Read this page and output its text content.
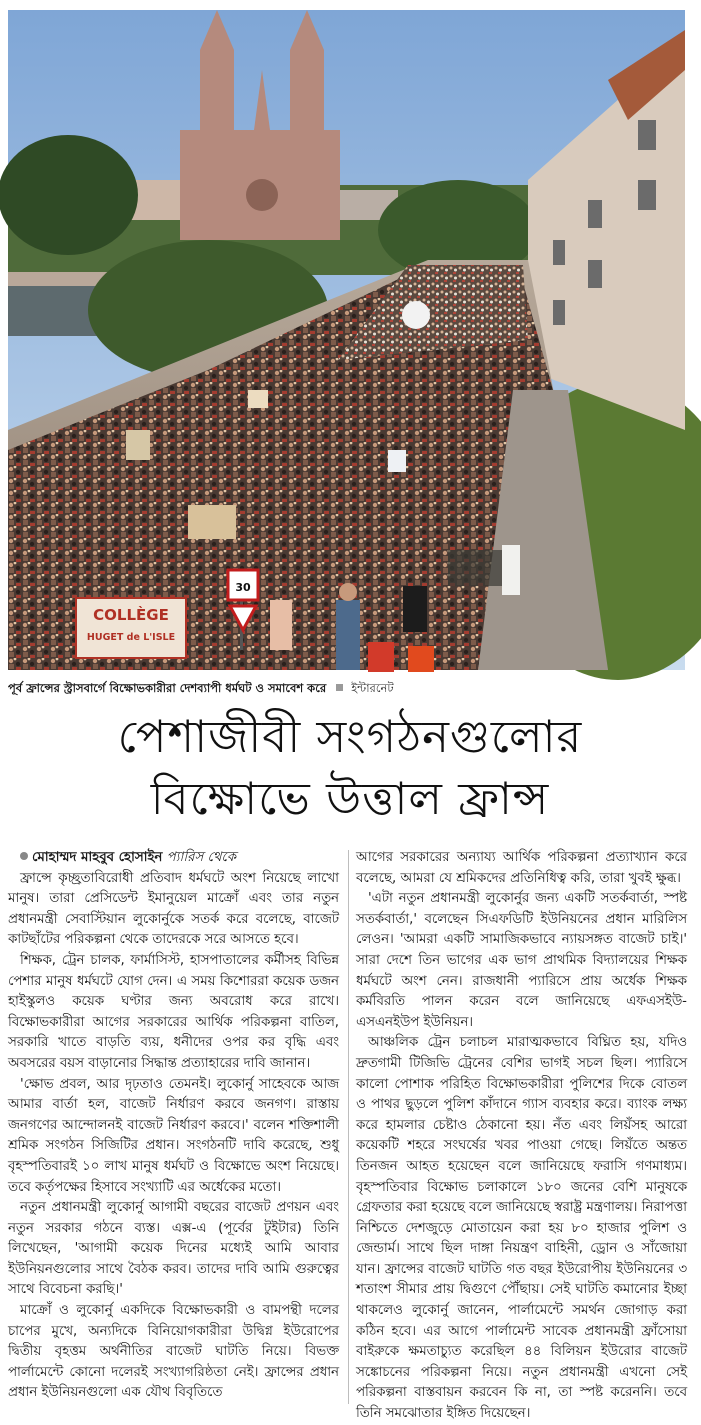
30
COLLÈGE
HUGET de L'ISLE
পূর্ব ফ্রান্সের স্ট্রাসবার্গে বিক্ষোভকারীরা দেশব্যাপী ধর্মঘট ও সমাবেশ করে ইন্টারনেট
পেশাজীবী সংগঠনগুলোর
বিক্ষোভে উত্তাল ফ্রান্স

মোহাম্মদ মাহবুব হোসাইন প্যারিস থেকে

ফ্রান্সে কৃচ্ছ্রতাবিরোধী প্রতিবাদ ধর্মঘটে অংশ নিয়েছে লাখো মানুষ। তারা প্রেসিডেন্ট ইমানুয়েল মাক্রোঁ এবং তার নতুন প্রধানমন্ত্রী সেবাস্টিয়ান লুকোর্নুকে সতর্ক করে বলেছে, বাজেট কাটছাঁটের পরিকল্পনা থেকে তাদেরকে সরে আসতে হবে।

শিক্ষক, ট্রেন চালক, ফার্মাসিস্ট, হাসপাতালের কর্মীসহ বিভিন্ন পেশার মানুষ ধর্মঘটে যোগ দেন। এ সময় কিশোররা কয়েক ডজন হাইস্কুলও কয়েক ঘণ্টার জন্য অবরোধ করে রাখে। বিক্ষোভকারীরা আগের সরকারের আর্থিক পরিকল্পনা বাতিল, সরকারি খাতে বাড়তি ব্যয়, ধনীদের ওপর কর বৃদ্ধি এবং অবসরের বয়স বাড়ানোর সিদ্ধান্ত প্রত্যাহারের দাবি জানান।

'ক্ষোভ প্রবল, আর দৃঢ়তাও তেমনই। লুকোর্নু সাহেবকে আজ আমার বার্তা হল, বাজেট নির্ধারণ করবে জনগণ। রাস্তায় জনগণের আন্দোলনই বাজেট নির্ধারণ করবে।' বলেন শক্তিশালী শ্রমিক সংগঠন সিজিটির প্রধান। সংগঠনটি দাবি করেছে, শুধু বৃহস্পতিবারই ১০ লাখ মানুষ ধর্মঘট ও বিক্ষোভে অংশ নিয়েছে। তবে কর্তৃপক্ষের হিসাবে সংখ্যাটি এর অর্ধেকের মতো।

নতুন প্রধানমন্ত্রী লুকোর্নু আগামী বছরের বাজেট প্রণয়ন এবং নতুন সরকার গঠনে ব্যস্ত। এক্স-এ (পূর্বের টুইটার) তিনি লিখেছেন, 'আগামী কয়েক দিনের মধ্যেই আমি আবার ইউনিয়নগুলোর সাথে বৈঠক করব। তাদের দাবি আমি গুরুত্বের সাথে বিবেচনা করছি।'

মাক্রোঁ ও লুকোর্নু একদিকে বিক্ষোভকারী ও বামপন্থী দলের চাপের মুখে, অন্যদিকে বিনিয়োগকারীরা উদ্বিগ্ন ইউরোপের দ্বিতীয় বৃহত্তম অর্থনীতির বাজেট ঘাটতি নিয়ে। বিভক্ত পার্লামেন্টে কোনো দলেরই সংখ্যাগরিষ্ঠতা নেই। ফ্রান্সের প্রধান প্রধান ইউনিয়নগুলো এক যৌথ বিবৃতিতে

আগের সরকারের অন্যায্য আর্থিক পরিকল্পনা প্রত্যাখ্যান করে বলেছে, আমরা যে শ্রমিকদের প্রতিনিধিত্ব করি, তারা খুবই ক্ষুব্ধ।

'এটা নতুন প্রধানমন্ত্রী লুকোর্নুর জন্য একটি সতর্কবার্তা, স্পষ্ট সতর্কবার্তা,' বলেছেন সিএফডিটি ইউনিয়নের প্রধান মারিলিস লেওন। 'আমরা একটি সামাজিকভাবে ন্যায়সঙ্গত বাজেট চাই।' সারা দেশে তিন ভাগের এক ভাগ প্রাথমিক বিদ্যালয়ের শিক্ষক ধর্মঘটে অংশ নেন। রাজধানী প্যারিসে প্রায় অর্ধেক শিক্ষক কর্মবিরতি পালন করেন বলে জানিয়েছে এফএসইউ-এসএনইউপ ইউনিয়ন।

আঞ্চলিক ট্রেন চলাচল মারাত্মকভাবে বিঘ্নিত হয়, যদিও দ্রুতগামী টিজিভি ট্রেনের বেশির ভাগই সচল ছিল। প্যারিসে কালো পোশাক পরিহিত বিক্ষোভকারীরা পুলিশের দিকে বোতল ও পাথর ছুড়লে পুলিশ কাঁদানে গ্যাস ব্যবহার করে। ব্যাংক লক্ষ্য করে হামলার চেষ্টাও ঠেকানো হয়। নঁত এবং লিয়ঁসহ আরো কয়েকটি শহরে সংঘর্ষের খবর পাওয়া গেছে। লিয়ঁতে অন্তত তিনজন আহত হয়েছেন বলে জানিয়েছে ফরাসি গণমাধ্যম। বৃহস্পতিবার বিক্ষোভ চলাকালে ১৮০ জনের বেশি মানুষকে গ্রেফতার করা হয়েছে বলে জানিয়েছে স্বরাষ্ট্র মন্ত্রণালয়। নিরাপত্তা নিশ্চিতে দেশজুড়ে মোতায়েন করা হয় ৮০ হাজার পুলিশ ও জেন্ডার্ম। সাথে ছিল দাঙ্গা নিয়ন্ত্রণ বাহিনী, ড্রোন ও সাঁজোয়া যান। ফ্রান্সের বাজেট ঘাটতি গত বছর ইউরোপীয় ইউনিয়নের ৩ শতাংশ সীমার প্রায় দ্বিগুণে পৌঁছায়। সেই ঘাটতি কমানোর ইচ্ছা থাকলেও লুকোর্নু জানেন, পার্লামেন্টে সমর্থন জোগাড় করা কঠিন হবে। এর আগে পার্লামেন্ট সাবেক প্রধানমন্ত্রী ফ্রাঁসোয়া বাইরুকে ক্ষমতাচ্যুত করেছিল ৪৪ বিলিয়ন ইউরোর বাজেট সঙ্কোচনের পরিকল্পনা নিয়ে। নতুন প্রধানমন্ত্রী এখনো সেই পরিকল্পনা বাস্তবায়ন করবেন কি না, তা স্পষ্ট করেননি। তবে তিনি সমঝোতার ইঙ্গিত দিয়েছেন।
